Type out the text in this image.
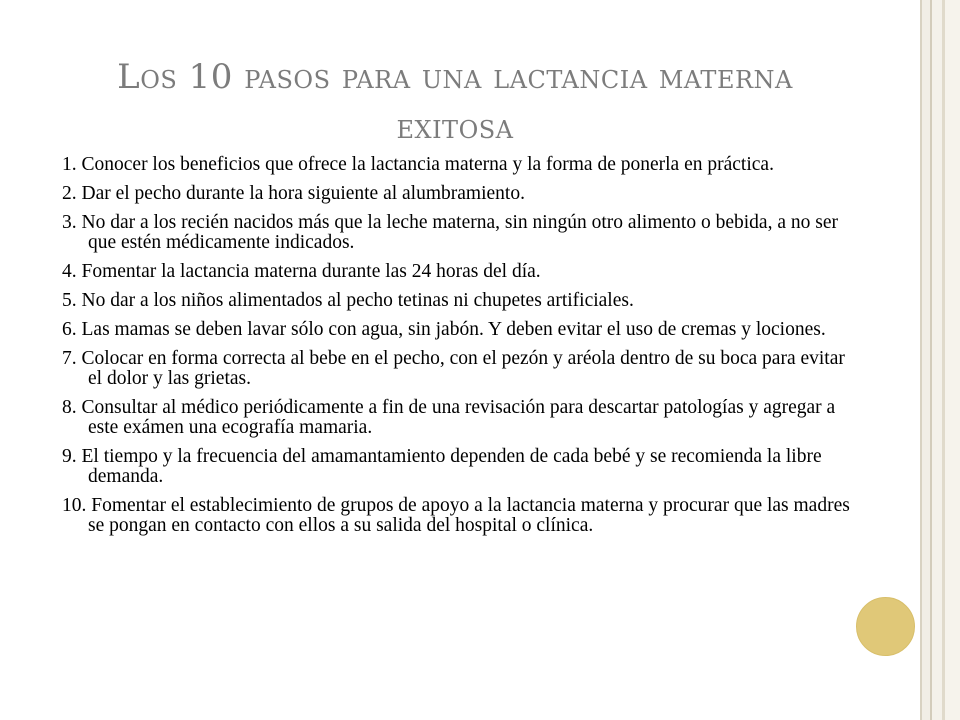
Los 10 pasos para una lactancia materna exitosa
1. Conocer los beneficios que ofrece la lactancia materna y la forma de ponerla en práctica.
2. Dar el pecho durante la hora siguiente al alumbramiento.
3. No dar a los recién nacidos más que la leche materna, sin ningún otro alimento o bebida, a no ser que estén médicamente indicados.
4. Fomentar la lactancia materna durante las 24 horas del día.
5. No dar a los niños alimentados al pecho tetinas ni chupetes artificiales.
6. Las mamas se deben lavar sólo con agua, sin jabón. Y deben evitar el uso de cremas y lociones.
7. Colocar en forma correcta al bebe en el pecho, con el pezón y aréola dentro de su boca para evitar el dolor y las grietas.
8. Consultar al médico periódicamente a fin de una revisación para descartar patologías y agregar a este exámen una ecografía mamaria.
9. El tiempo y la frecuencia del amamantamiento dependen de cada bebé y se recomienda la libre demanda.
10. Fomentar el establecimiento de grupos de apoyo a la lactancia materna y procurar que las madres se pongan en contacto con ellos a su salida del hospital o clínica.
